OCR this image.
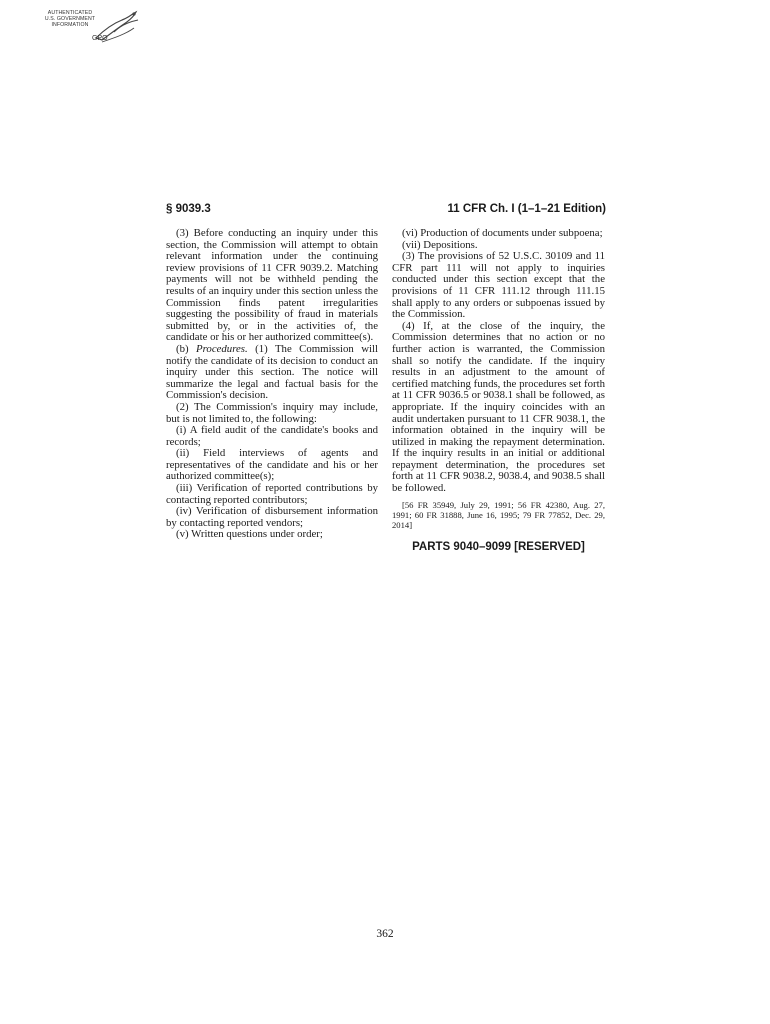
AUTHENTICATED
U.S. GOVERNMENT
INFORMATION
GPO
§ 9039.3	11 CFR Ch. I (1–1–21 Edition)

(3) Before conducting an inquiry under this section, the Commission will attempt to obtain relevant information under the continuing review provisions of 11 CFR 9039.2. Matching payments will not be withheld pending the results of an inquiry under this section unless the Commission finds patent irregularities suggesting the possibility of fraud in materials submitted by, or in the activities of, the candidate or his or her authorized committee(s).

(b) Procedures. (1) The Commission will notify the candidate of its decision to conduct an inquiry under this section. The notice will summarize the legal and factual basis for the Commission's decision.

(2) The Commission's inquiry may include, but is not limited to, the following:

(i) A field audit of the candidate's books and records;

(ii) Field interviews of agents and representatives of the candidate and his or her authorized committee(s);

(iii) Verification of reported contributions by contacting reported contributors;

(iv) Verification of disbursement information by contacting reported vendors;

(v) Written questions under order;

(vi) Production of documents under subpoena;

(vii) Depositions.

(3) The provisions of 52 U.S.C. 30109 and 11 CFR part 111 will not apply to inquiries conducted under this section except that the provisions of 11 CFR 111.12 through 111.15 shall apply to any orders or subpoenas issued by the Commission.

(4) If, at the close of the inquiry, the Commission determines that no action or no further action is warranted, the Commission shall so notify the candidate. If the inquiry results in an adjustment to the amount of certified matching funds, the procedures set forth at 11 CFR 9036.5 or 9038.1 shall be followed, as appropriate. If the inquiry coincides with an audit undertaken pursuant to 11 CFR 9038.1, the information obtained in the inquiry will be utilized in making the repayment determination. If the inquiry results in an initial or additional repayment determination, the procedures set forth at 11 CFR 9038.2, 9038.4, and 9038.5 shall be followed.

[56 FR 35949, July 29, 1991; 56 FR 42380, Aug. 27, 1991; 60 FR 31888, June 16, 1995; 79 FR 77852, Dec. 29, 2014]

PARTS 9040–9099 [RESERVED]
362
